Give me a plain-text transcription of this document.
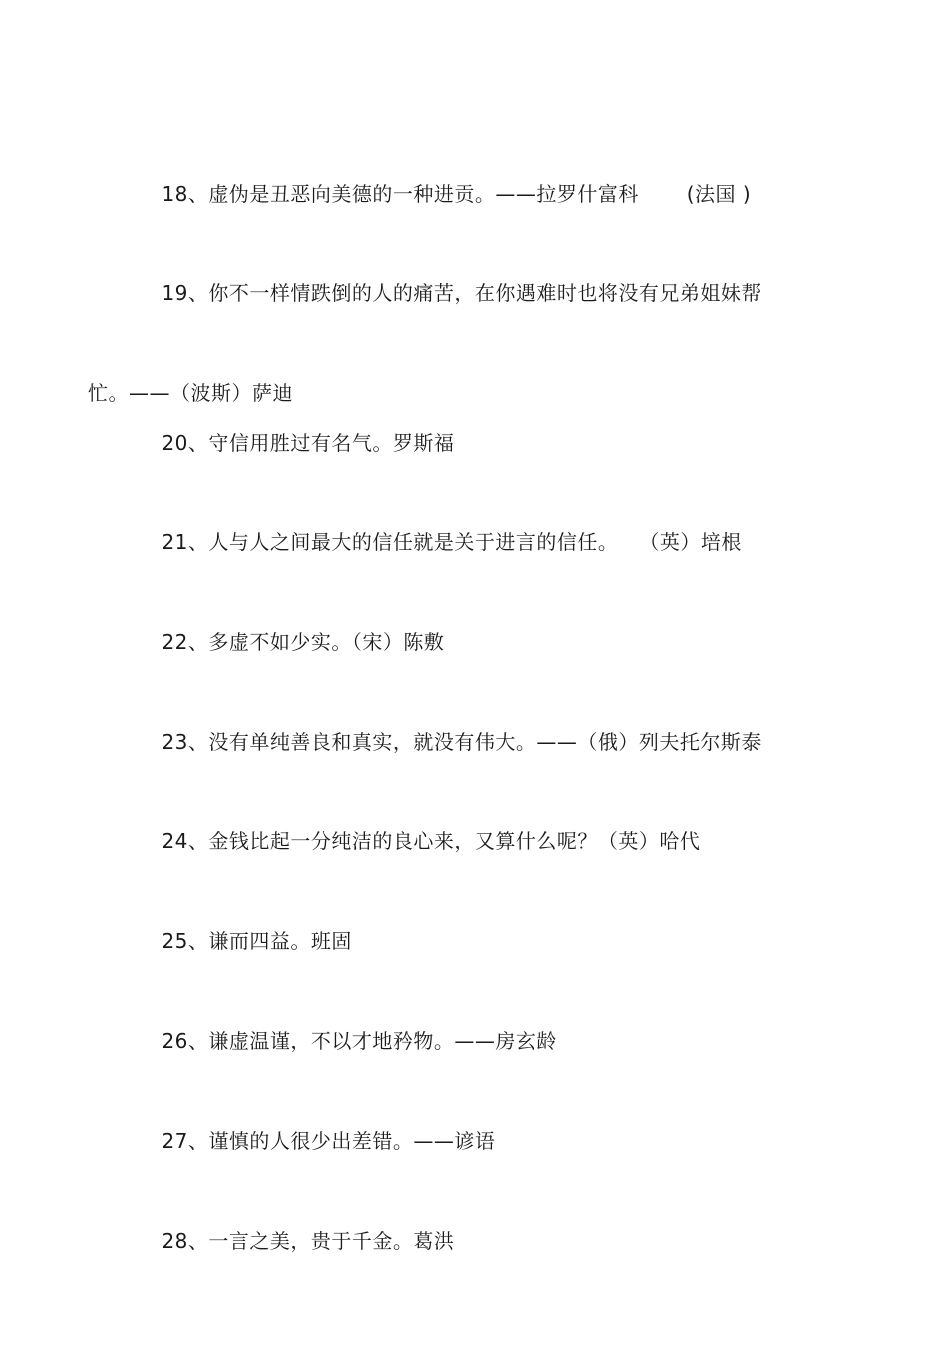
18、虚伪是丑恶向美德的一种进贡。——拉罗什富科　　 (法国 )

19、你不一样情跌倒的人的痛苦，在你遇难时也将没有兄弟姐妹帮

忙。——（波斯）萨迪

20、守信用胜过有名气。罗斯福

21、人与人之间最大的信任就是关于进言的信任。　　（英）培根

22、多虚不如少实。（宋）陈敷

23、没有单纯善良和真实，就没有伟大。——（俄）列夫托尔斯泰

24、金钱比起一分纯洁的良心来，又算什么呢？（英）哈代

25、谦而四益。班固

26、谦虚温谨，不以才地矜物。——房玄龄

27、谨慎的人很少出差错。——谚语

28、一言之美，贵于千金。葛洪
